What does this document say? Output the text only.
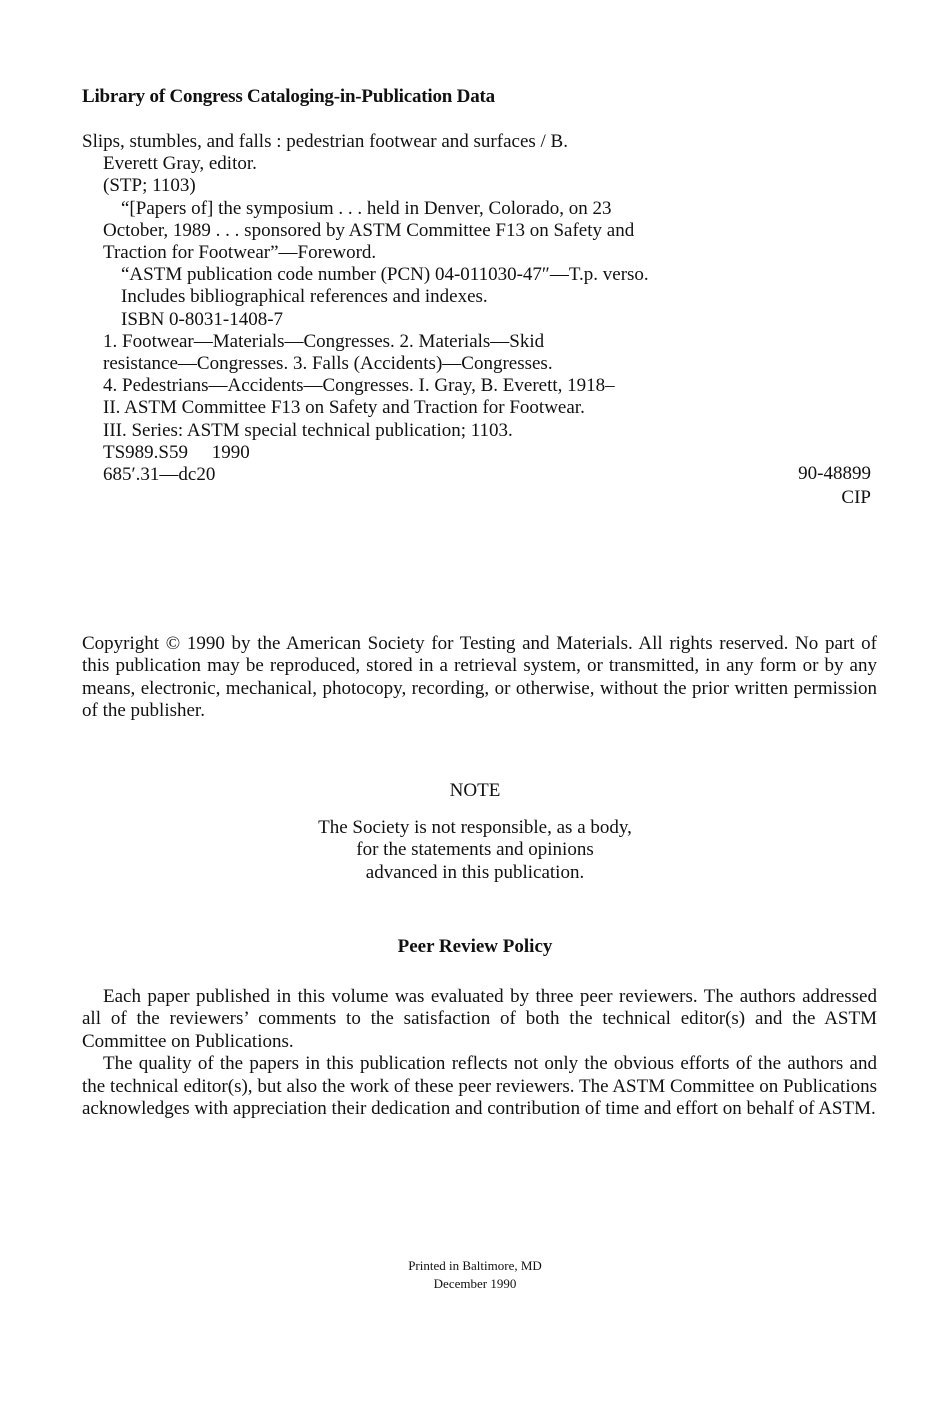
Library of Congress Cataloging-in-Publication Data
Slips, stumbles, and falls : pedestrian footwear and surfaces / B.
Everett Gray, editor.
(STP; 1103)
“[Papers of] the symposium . . . held in Denver, Colorado, on 23
October, 1989 . . . sponsored by ASTM Committee F13 on Safety and
Traction for Footwear”—Foreword.
“ASTM publication code number (PCN) 04-011030-47″—T.p. verso.
Includes bibliographical references and indexes.
ISBN 0-8031-1408-7
1. Footwear—Materials—Congresses. 2. Materials—Skid
resistance—Congresses. 3. Falls (Accidents)—Congresses.
4. Pedestrians—Accidents—Congresses. I. Gray, B. Everett, 1918–
II. ASTM Committee F13 on Safety and Traction for Footwear.
III. Series: ASTM special technical publication; 1103.
TS989.S59     1990
685′.31—dc20	90-48899
CIP
Copyright © 1990 by the American Society for Testing and Materials. All rights reserved. No part of this publication may be reproduced, stored in a retrieval system, or transmitted, in any form or by any means, electronic, mechanical, photocopy, recording, or otherwise, without the prior written permission of the publisher.
NOTE
The Society is not responsible, as a body,
for the statements and opinions
advanced in this publication.
Peer Review Policy

Each paper published in this volume was evaluated by three peer reviewers. The authors addressed all of the reviewers’ comments to the satisfaction of both the technical editor(s) and the ASTM Committee on Publications.

The quality of the papers in this publication reflects not only the obvious efforts of the authors and the technical editor(s), but also the work of these peer reviewers. The ASTM Committee on Publications acknowledges with appreciation their dedication and contribution of time and effort on behalf of ASTM.

Printed in Baltimore, MD
December 1990
